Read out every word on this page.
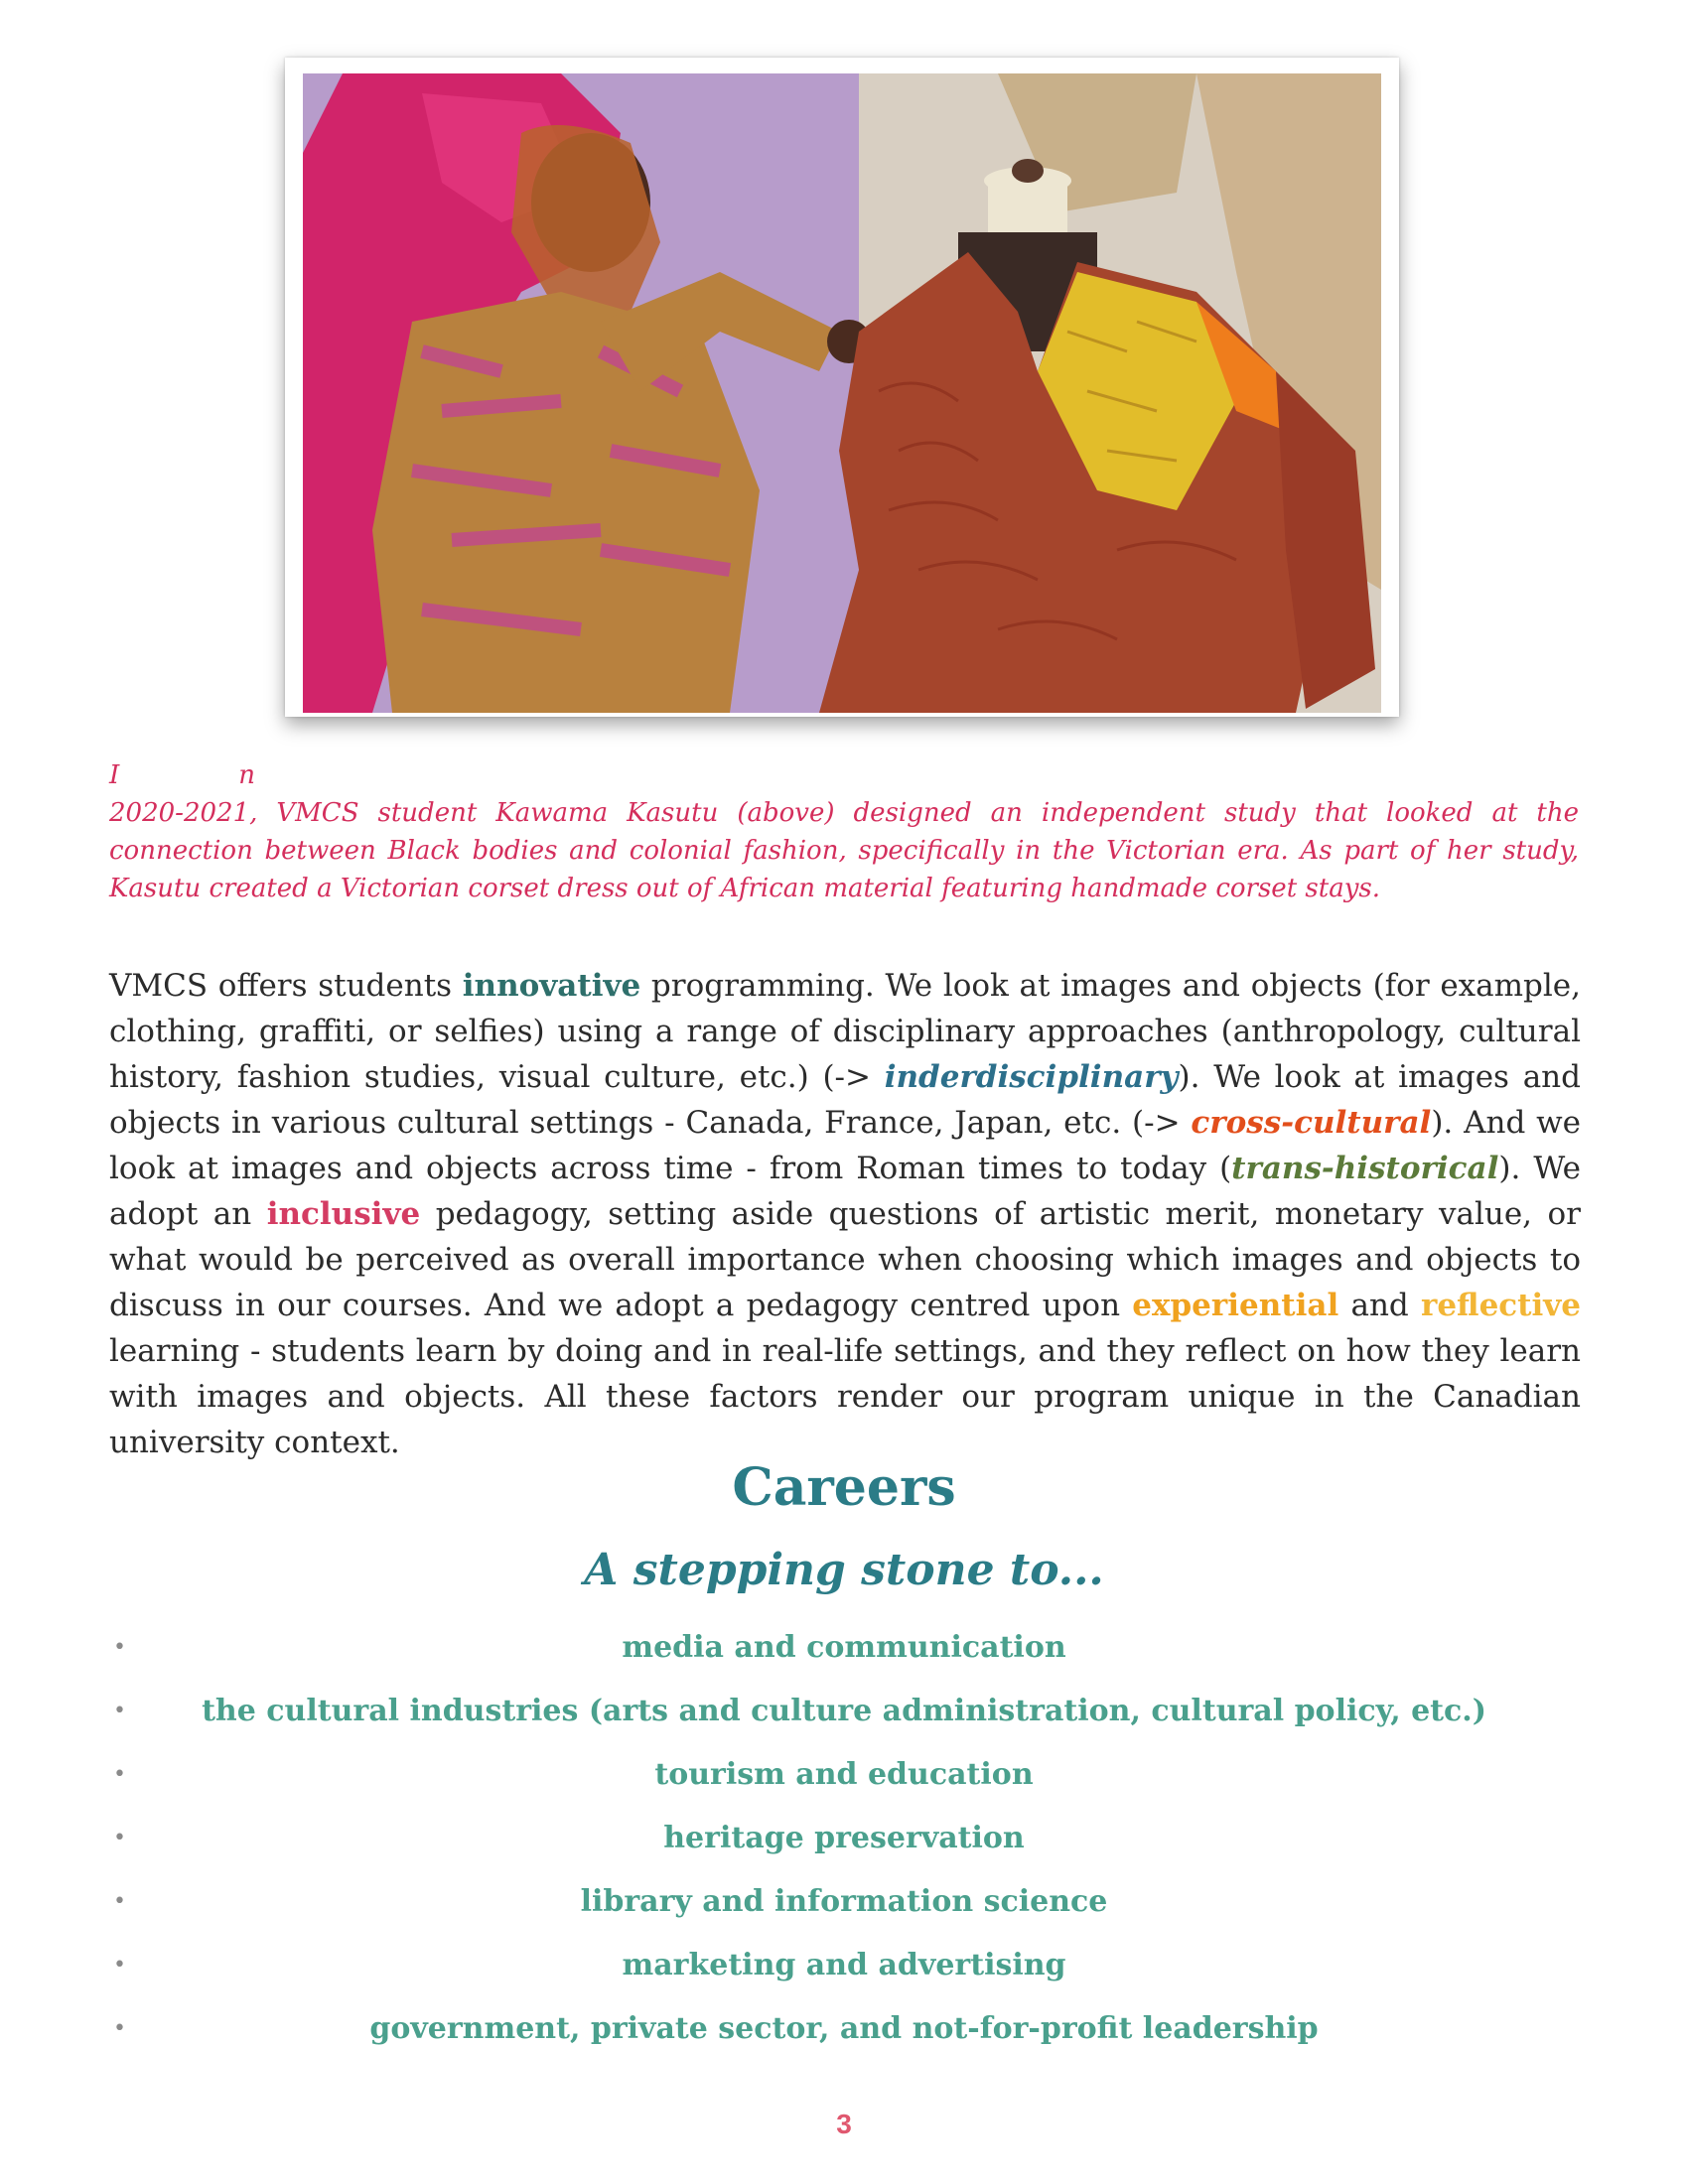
I	n
2020-2021, VMCS student Kawama Kasutu (above) designed an independent study that looked at the connection between Black bodies and colonial fashion, specifically in the Victorian era. As part of her study, Kasutu created a Victorian corset dress out of African material featuring handmade corset stays.

VMCS offers students innovative programming. We look at images and objects (for example, clothing, graffiti, or selfies) using a range of disciplinary approaches (anthropology, cultural history, fashion studies, visual culture, etc.) (-> inderdisciplinary). We look at images and objects in various cultural settings - Canada, France, Japan, etc. (-> cross-cultural). And we look at images and objects across time - from Roman times to today (trans-historical). We adopt an inclusive pedagogy, setting aside questions of artistic merit, monetary value, or what would be perceived as overall importance when choosing which images and objects to discuss in our courses. And we adopt a pedagogy centred upon experiential and reflective learning - students learn by doing and in real-life settings, and they reflect on how they learn with images and objects. All these factors render our program unique in the Canadian university context.

Careers
A stepping stone to...
•	media and communication
•	the cultural industries (arts and culture administration, cultural policy, etc.)
•	tourism and education
•	heritage preservation
•	library and information science
•	marketing and advertising
•	government, private sector, and not-for-profit leadership
3
